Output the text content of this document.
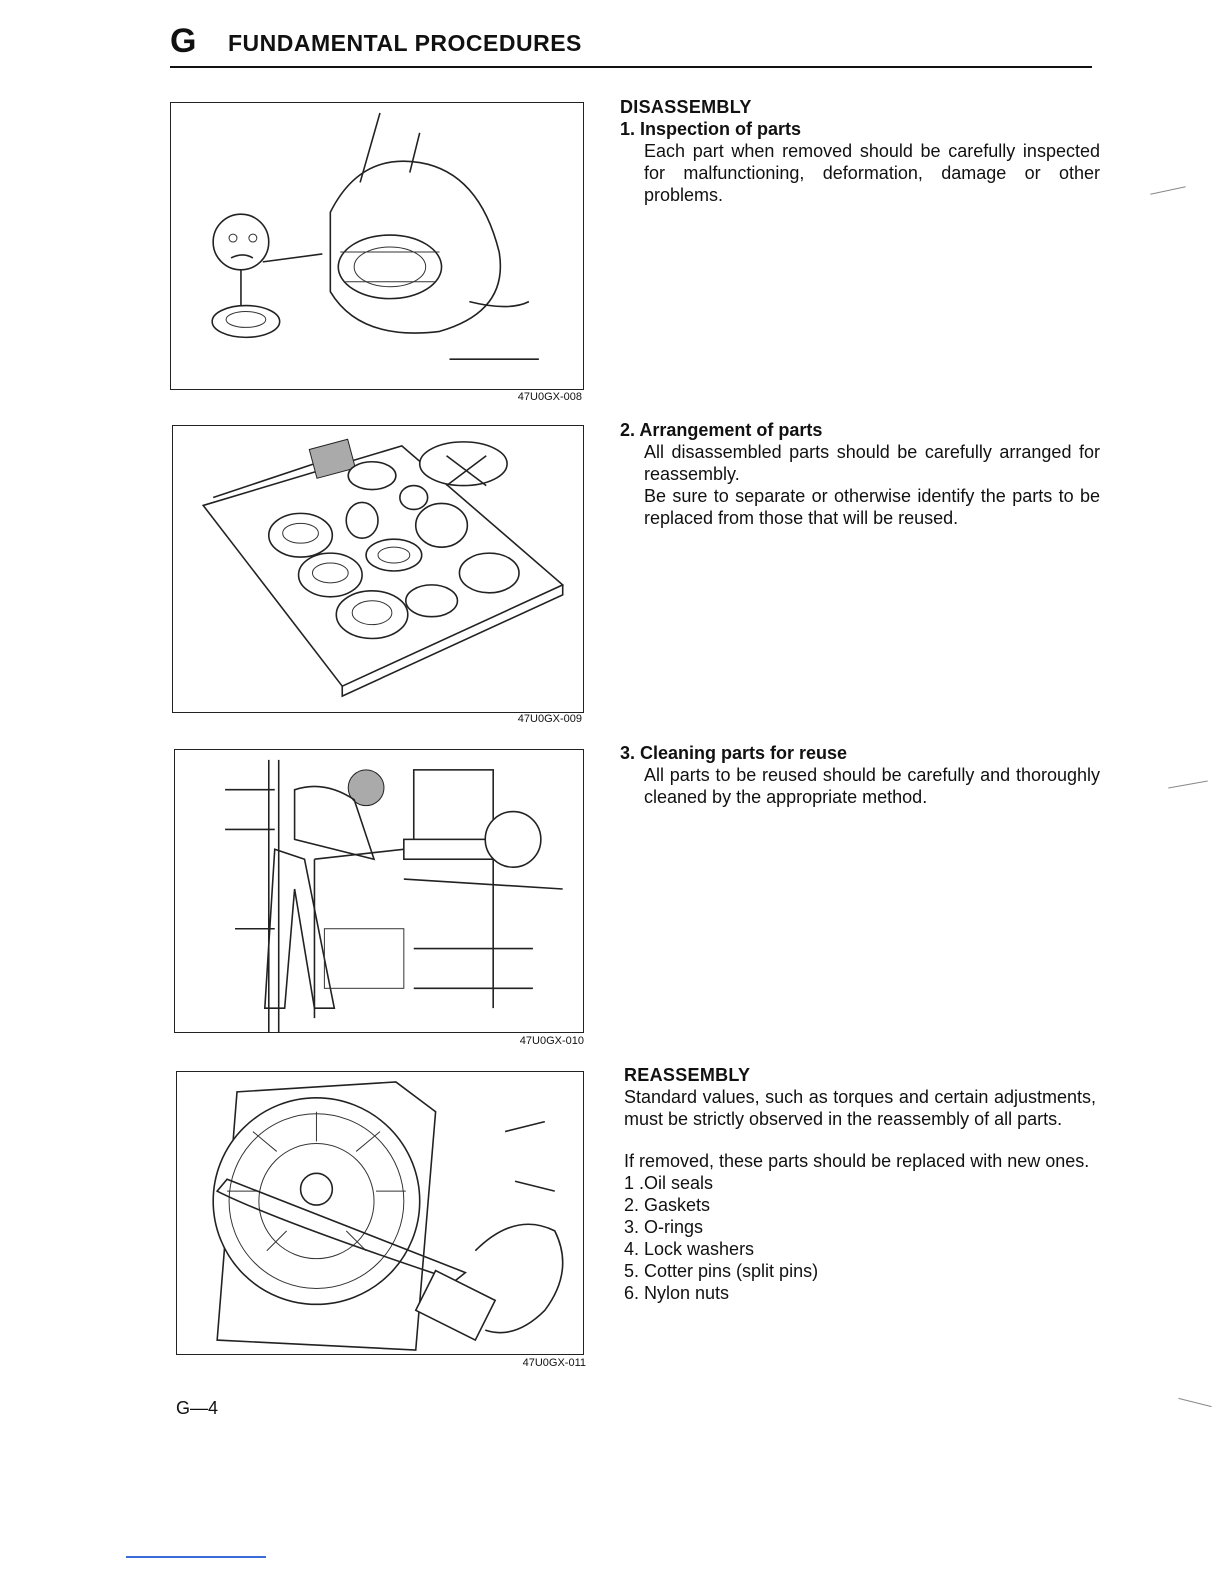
G FUNDAMENTAL PROCEDURES
47U0GX-008
47U0GX-009
47U0GX-010
47U0GX-011
DISASSEMBLY
1. Inspection of parts
Each part when removed should be carefully inspected for malfunctioning, deformation, damage or other problems.
2. Arrangement of parts
All disassembled parts should be carefully arranged for reassembly.
Be sure to separate or otherwise identify the parts to be replaced from those that will be reused.
3. Cleaning parts for reuse
All parts to be reused should be carefully and thoroughly cleaned by the appropriate method.
REASSEMBLY
Standard values, such as torques and certain adjustments, must be strictly observed in the reassembly of all parts.
If removed, these parts should be replaced with new ones.
1 .Oil seals
2. Gaskets
3. O-rings
4. Lock washers
5. Cotter pins (split pins)
6. Nylon nuts
G—4
